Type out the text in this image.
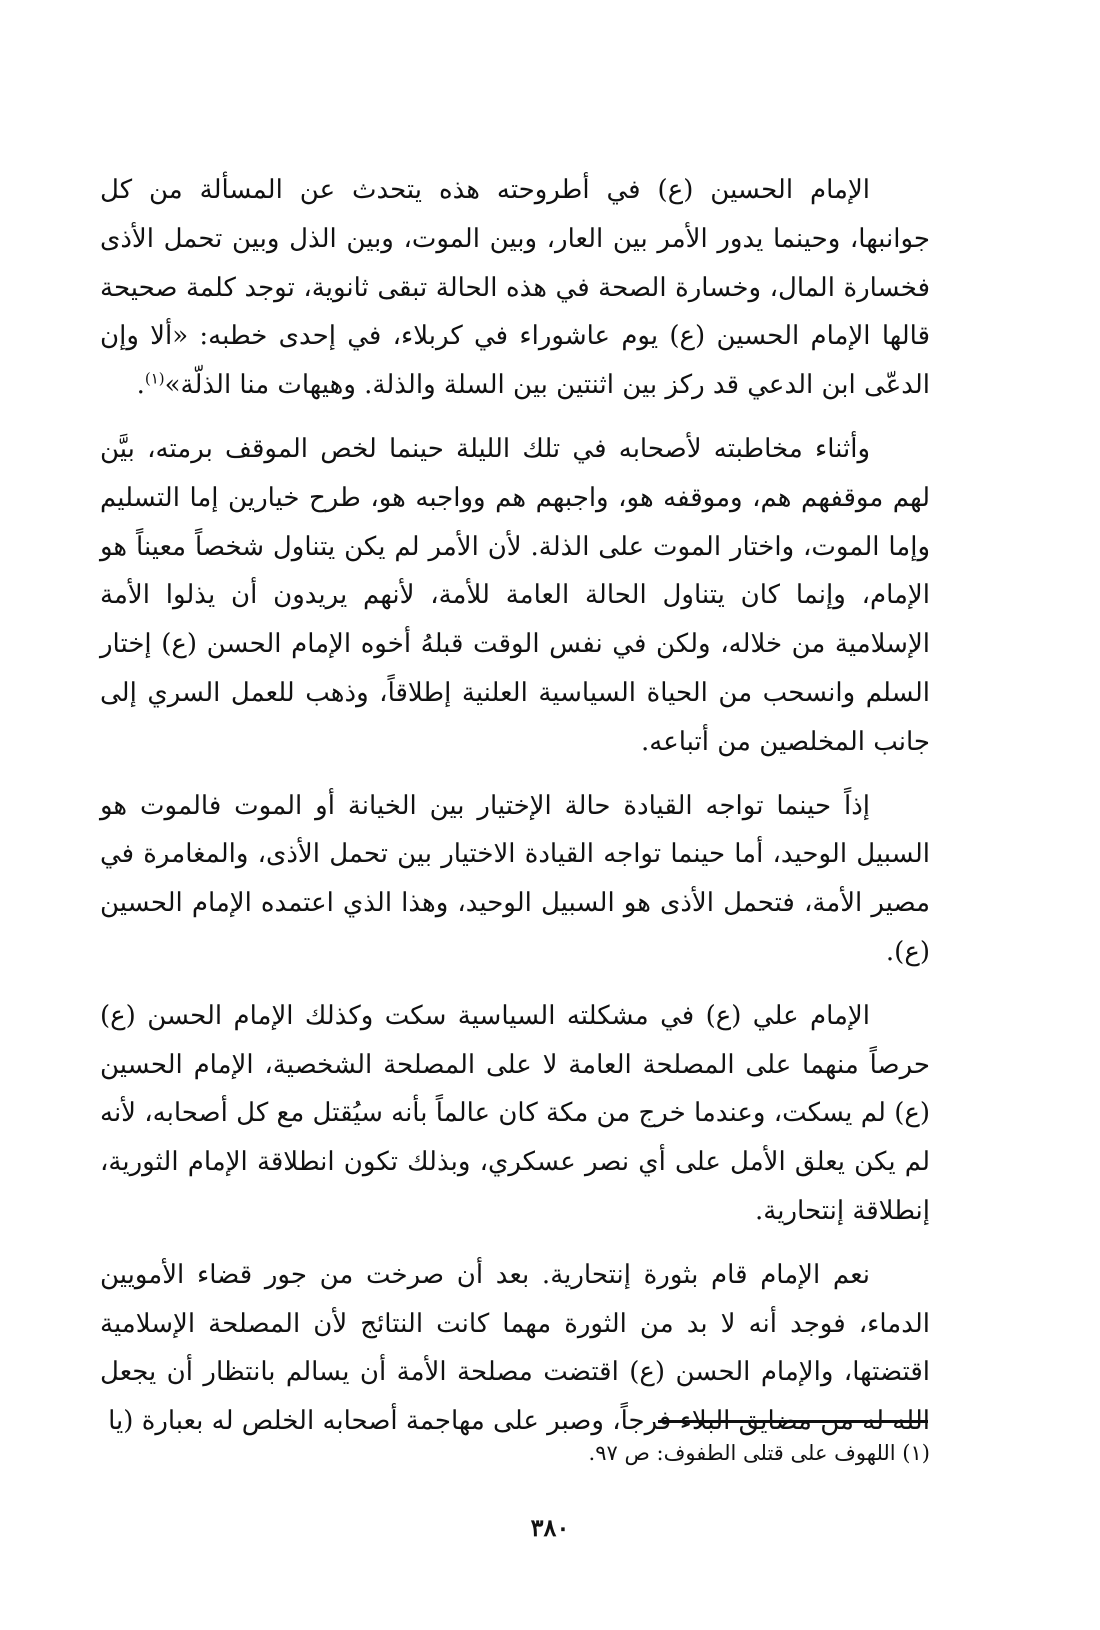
الإمام الحسين (ع) في أطروحته هذه يتحدث عن المسألة من كل جوانبها، وحينما يدور الأمر بين العار، وبين الموت، وبين الذل وبين تحمل الأذى فخسارة المال، وخسارة الصحة في هذه الحالة تبقى ثانوية، توجد كلمة صحيحة قالها الإمام الحسين (ع) يوم عاشوراء في كربلاء، في إحدى خطبه: «ألا وإن الدعّى ابن الدعي قد ركز بين اثنتين بين السلة والذلة. وهيهات منا الذلّة»$^{(١)}$.

وأثناء مخاطبته لأصحابه في تلك الليلة حينما لخص الموقف برمته، بيَّن لهم موقفهم هم، وموقفه هو، واجبهم هم وواجبه هو، طرح خيارين إما التسليم وإما الموت، واختار الموت على الذلة. لأن الأمر لم يكن يتناول شخصاً معيناً هو الإمام، وإنما كان يتناول الحالة العامة للأمة، لأنهم يريدون أن يذلوا الأمة الإسلامية من خلاله، ولكن في نفس الوقت قبلهُ أخوه الإمام الحسن (ع) إختار السلم وانسحب من الحياة السياسية العلنية إطلاقاً، وذهب للعمل السري إلى جانب المخلصين من أتباعه.

إذاً حينما تواجه القيادة حالة الإختيار بين الخيانة أو الموت فالموت هو السبيل الوحيد، أما حينما تواجه القيادة الاختيار بين تحمل الأذى، والمغامرة في مصير الأمة، فتحمل الأذى هو السبيل الوحيد، وهذا الذي اعتمده الإمام الحسين (ع).

الإمام علي (ع) في مشكلته السياسية سكت وكذلك الإمام الحسن (ع) حرصاً منهما على المصلحة العامة لا على المصلحة الشخصية، الإمام الحسين (ع) لم يسكت، وعندما خرج من مكة كان عالماً بأنه سيُقتل مع كل أصحابه، لأنه لم يكن يعلق الأمل على أي نصر عسكري، وبذلك تكون انطلاقة الإمام الثورية، إنطلاقة إنتحارية.

نعم الإمام قام بثورة إنتحارية. بعد أن صرخت من جور قضاء الأمويين الدماء، فوجد أنه لا بد من الثورة مهما كانت النتائج لأن المصلحة الإسلامية اقتضتها، والإمام الحسن (ع) اقتضت مصلحة الأمة أن يسالم بانتظار أن يجعل الله له من مضايق البلاء فرجاً، وصبر على مهاجمة أصحابه الخلص له بعبارة (يا

(١) اللهوف على قتلى الطفوف: ص ٩٧.
٣٨٠
